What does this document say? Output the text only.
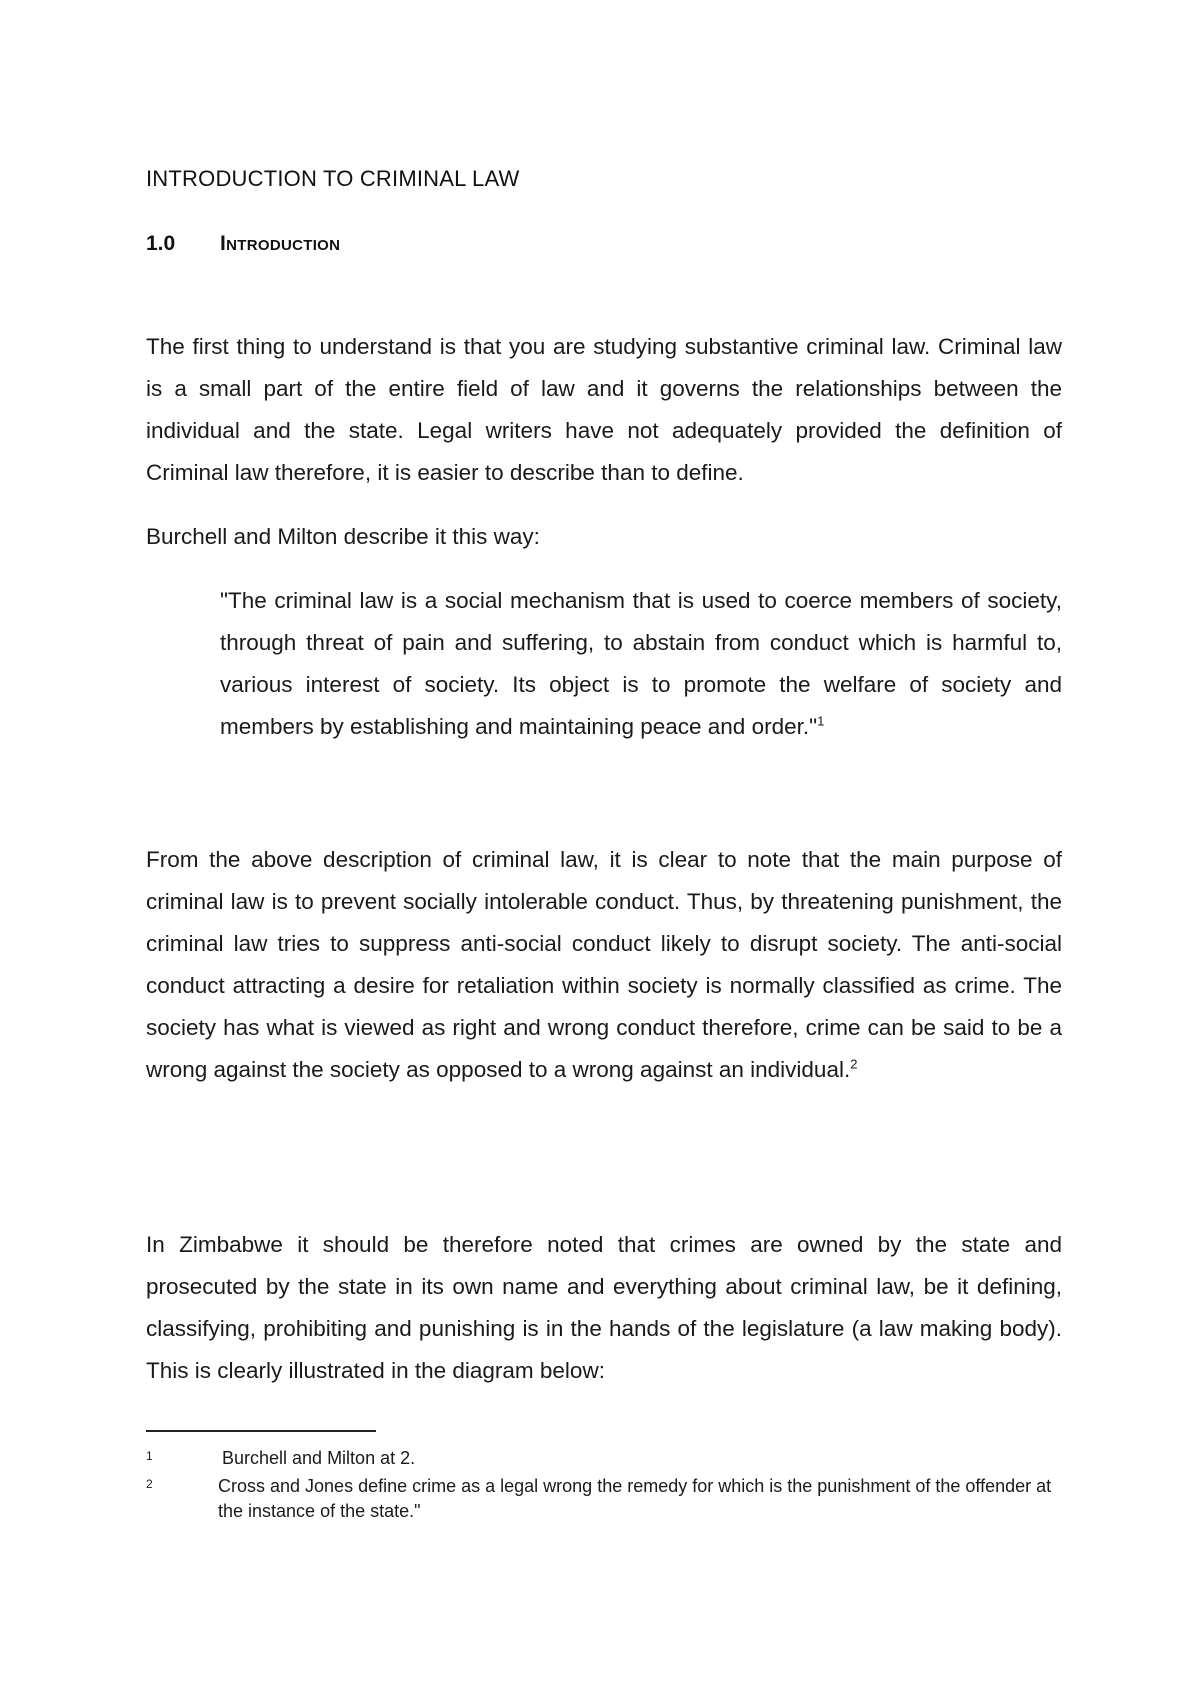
INTRODUCTION TO CRIMINAL LAW
1.0 Introduction

The first thing to understand is that you are studying substantive criminal law. Criminal law is a small part of the entire field of law and it governs the relationships between the individual and the state. Legal writers have not adequately provided the definition of Criminal law therefore, it is easier to describe than to define.

Burchell and Milton describe it this way:

"The criminal law is a social mechanism that is used to coerce members of society, through threat of pain and suffering, to abstain from conduct which is harmful to, various interest of society. Its object is to promote the welfare of society and members by establishing and maintaining peace and order."$^1$

From the above description of criminal law, it is clear to note that the main purpose of criminal law is to prevent socially intolerable conduct. Thus, by threatening punishment, the criminal law tries to suppress anti-social conduct likely to disrupt society. The anti-social conduct attracting a desire for retaliation within society is normally classified as crime. The society has what is viewed as right and wrong conduct therefore, crime can be said to be a wrong against the society as opposed to a wrong against an individual.$^2$

In Zimbabwe it should be therefore noted that crimes are owned by the state and prosecuted by the state in its own name and everything about criminal law, be it defining, classifying, prohibiting and punishing is in the hands of the legislature (a law making body). This is clearly illustrated in the diagram below:

1	Burchell and Milton at 2.
2	Cross and Jones define crime as a legal wrong the remedy for which is the punishment of the offender at the instance of the state."
